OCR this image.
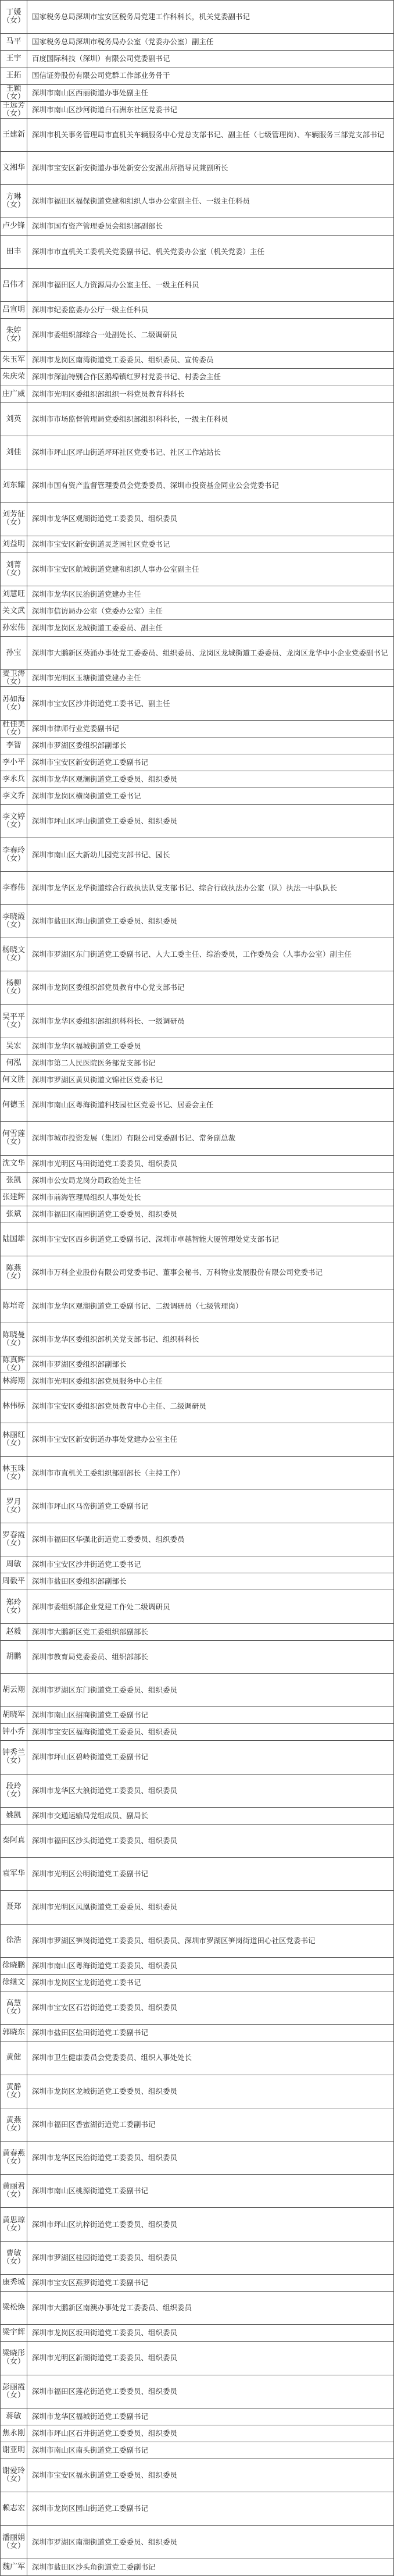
丁媛（女） 国家税务总局深圳市宝安区税务局党建工作科科长，机关党委副书记
马平	国家税务总局深圳市税务局办公室（党委办公室）副主任
王宇	百度国际科技（深圳）有限公司党委副书记
王拓	国信证券股份有限公司党群工作部业务骨干
王颖（女） 深圳市南山区西丽街道办事处副主任
王远芳（女） 深圳市南山区沙河街道白石洲东社区党委书记
王建新 深圳市机关事务管理局市直机关车辆服务中心党总支部书记、副主任（七级管理岗）、车辆服务三部党支部书记
文湘华 深圳市宝安区新安街道办事处新安公安派出所指导员兼副所长
方琳（女） 深圳市福田区福保街道党建和组织人事办公室副主任、一级主任科员
卢少锋 深圳市国有资产管理委员会组织部副部长
田丰	深圳市市直机关工委机关党委副书记、机关党委办公室（机关党委）主任
吕伟才 深圳市福田区人力资源局办公室主任、一级主任科员
吕宣明 深圳市纪委监委办公厅一级主任科员
朱婷（女） 深圳市委组织部综合一处副处长、二级调研员
朱玉军 深圳市龙岗区南湾街道党工委委员、组织委员、宣传委员
朱庆荣 深圳市深汕特别合作区鹅埠镇红罗村党委书记、村委会主任
庄广威 深圳市光明区委组织部组织一科党员教育科科长
刘英	深圳市市场监督管理局党委组织部组织科科长，一级主任科员
刘佳	深圳市坪山区坪山街道坪环社区党委书记、社区工作站站长
刘东耀 深圳市国有资产监督管理委员会党委委员、深圳市投资基金同业公会党委书记
刘芳征（女） 深圳市龙华区观湖街道党工委委员、组织委员
刘益明 深圳市宝安区新安街道灵芝园社区党委书记
刘菁（女） 深圳市宝安区航城街道党建和组织人事办公室副主任
刘慧旺 深圳市龙华区民治街道党建办主任
关文武 深圳市信访局办公室（党委办公室）主任
孙宏伟 深圳市龙岗区龙城街道工委委员、副主任
孙宝	深圳市大鹏新区葵涌办事处党工委委员、组织委员、龙岗区龙城街道工委委员、龙岗区龙华中小企业党委副书记
麦卫涛（女） 深圳市光明区玉塘街道党建办主任
苏如海（女） 深圳市宝安区沙井街道党工委书记、副主任
杜佳美（女） 深圳市律师行业党委副书记
李智	深圳市罗湖区委组织部副部长
李小平 深圳市宝安区新安街道党工委副书记
李永兵 深圳市龙华区观澜街道党工委委员、组织委员
李文乔 深圳市龙岗区横岗街道党工委书记
李文婷（女） 深圳市坪山区坪山街道党工委委员、组织委员
李春玲（女） 深圳市南山区大新幼儿园党支部书记、园长
李春伟 深圳市龙华区龙华街道综合行政执法队党支部书记、综合行政执法办公室（队）执法一中队队长
李晓霞（女） 深圳市盐田区海山街道党工委委员、组织委员
杨晓文（女） 深圳市罗湖区东门街道党工委副书记、人大工委主任、综治委员，工作委员会（人事办公室）副主任
杨柳（女） 深圳市龙岗区委组织部党员教育中心党支部书记
吴平平（女） 深圳市龙华区委组织部组织科科长、一级调研员
吴宏	深圳市龙华区福城街道党工委委员
何泓	深圳市第二人民医院医务部党支部书记
何文胜 深圳市罗湖区黄贝街道文锦社区党委书记
何德玉 深圳市南山区粤海街道科技园社区党委书记、居委会主任
何雪莲（女） 深圳市城市投资发展（集团）有限公司党委副书记、常务副总裁
沈文华 深圳市光明区马田街道党工委委员、组织委员
张凯	深圳市公安局龙岗分局政治处主任
张建辉 深圳市前海管理局组织人事处处长
张斌	深圳市福田区南园街道党工委委员、组织委员
陆国雄 深圳市宝安区西乡街道党工委副书记、深圳市卓越智能大厦管理处党支部书记
陈燕（女） 深圳市万科企业股份有限公司党委书记、董事会秘书、万科物业发展股份有限公司党委书记
陈培奇 深圳市龙华区观湖街道党工委副书记、二级调研员（七级管理岗）
陈晓曼（女） 深圳市龙华区委组织部机关党支部书记、组织科科长
陈真辉（女） 深圳市罗湖区委组织部副部长
林海翔 深圳市光明区委组织部党员服务中心主任
林伟标 深圳市宝安区委组织部党员教育中心主任、二级调研员
林丽红（女） 深圳市宝安区新安街道办事处党建办公室主任
林玉珠（女） 深圳市市直机关工委组织部副部长（主持工作）
罗月（女） 深圳市坪山区马峦街道党工委副书记
罗春霞（女） 深圳市福田区华强北街道党工委委员、组织委员
周敏	深圳市宝安区沙井街道党工委书记
周毅平 深圳市盐田区委组织部副部长
郑玲（女） 深圳市委组织部企业党建工作处二级调研员
赵毅	深圳市大鹏新区党工委组织部副部长
胡鹏	深圳市教育局党委委员、组织部部长
胡云翔 深圳市罗湖区东门街道党工委委员、组织委员
胡晓军 深圳市南山区招商街道党工委副书记
钟小乔 深圳市宝安区福海街道党工委委员、组织委员
钟秀兰（女） 深圳市坪山区碧岭街道党工委副书记
段玲（女） 深圳市龙华区大浪街道党工委委员、组织委员
姚凯	深圳市交通运输局党组成员、副局长
秦阿真 深圳市福田区沙头街道党工委委员、组织委员
袁军华 深圳市光明区公明街道党工委副书记
聂郑	深圳市光明区凤凰街道党工委委员、组织委员
徐浩	深圳市罗湖区笋岗街道党工委委员、组织委员、深圳市罗湖区笋岗街道田心社区党委书记
徐晓鹏 深圳市南山区粤海街道党工委委员、组织委员
徐继文 深圳市龙岗区宝龙街道党工委书记
高慧（女） 深圳市宝安区石岩街道党工委委员、组织委员
郭晓东 深圳市盐田区盐田街道党工委副书记
黄健	深圳市卫生健康委员会党委委员、组织人事处处长
黄静（女） 深圳市龙岗区龙城街道党工委委员、组织委员
黄燕（女） 深圳市福田区香蜜湖街道党工委副书记
黄春燕（女） 深圳市龙华区民治街道党工委委员、组织委员
黄丽君（女） 深圳市南山区桃源街道党工委副书记
黄思琼（女） 深圳市坪山区坑梓街道党工委委员、组织委员
曹敏（女） 深圳市罗湖区桂园街道党工委委员、组织委员
康秀城 深圳市宝安区燕罗街道党工委副书记
梁松焕 深圳市大鹏新区南澳办事处党工委委员、组织委员
梁宇辉 深圳市龙岗区坂田街道党工委委员、组织委员
梁晓彤（女） 深圳市光明区新湖街道党工委委员、组织委员
彭丽霞（女） 深圳市福田区莲花街道党工委委员、组织委员
蒋敏	深圳市龙华区福城街道党工委副书记
焦永刚 深圳市坪山区石井街道党工委委员、组织委员
谢亚明 深圳市南山区南头街道党工委副书记
谢爱玲（女） 深圳市宝安区福永街道党工委委员、组织委员
赖志宏 深圳市龙岗区园山街道党工委副书记
潘丽娟（女） 深圳市罗湖区南湖街道党工委委员、组织委员
魏广军 深圳市盐田区沙头角街道党工委副书记
